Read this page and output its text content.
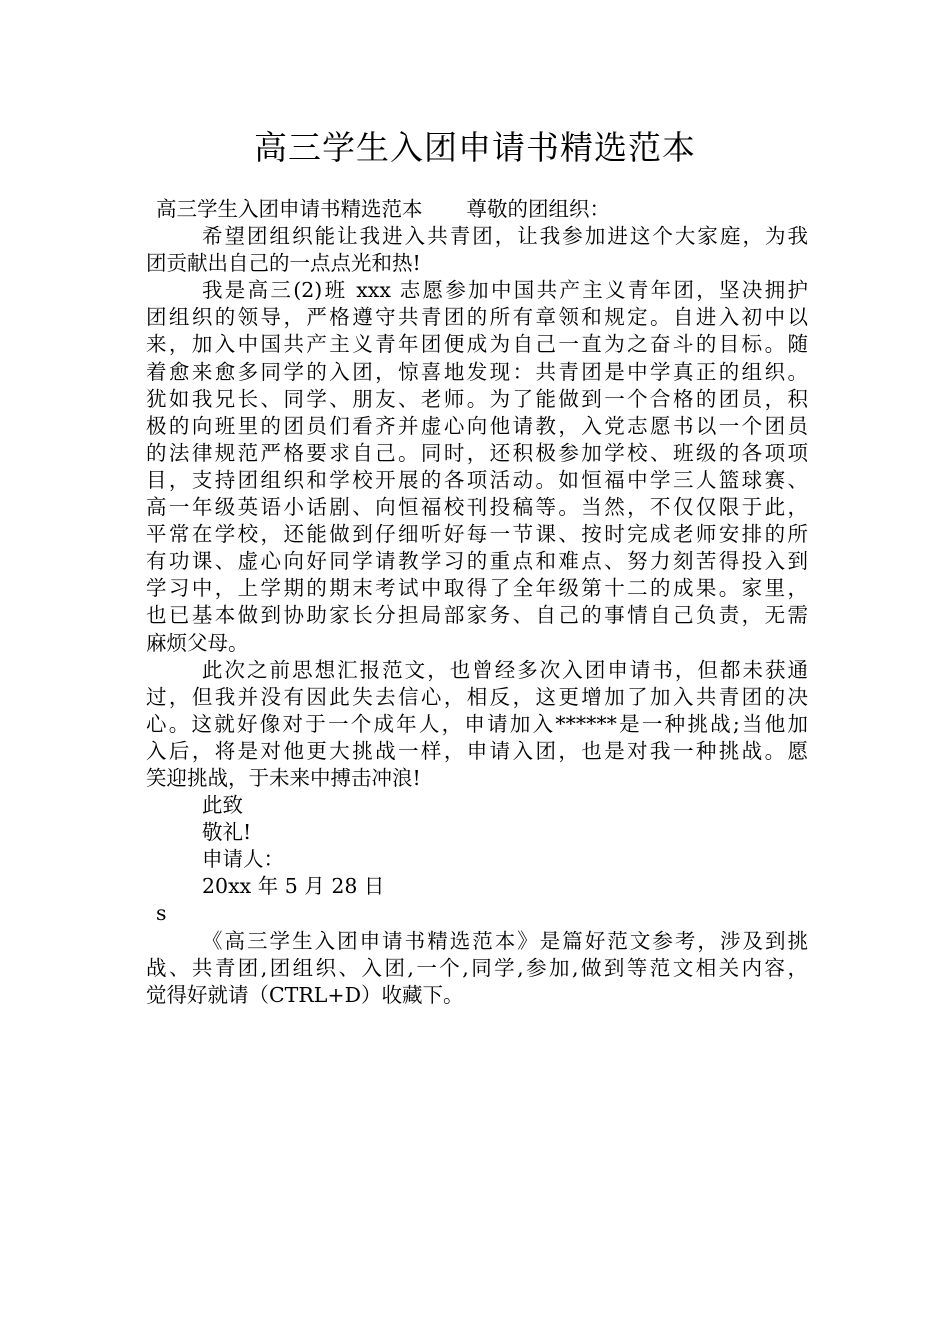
高三学生入团申请书精选范本
高三学生入团申请书精选范本 尊敬的团组织：
希望团组织能让我进入共青团，让我参加进这个大家庭，为我
团贡献出自己的一点点光和热!
我是高三(2)班 xxx 志愿参加中国共产主义青年团，坚决拥护
团组织的领导，严格遵守共青团的所有章领和规定。自进入初中以
来，加入中国共产主义青年团便成为自己一直为之奋斗的目标。随
着愈来愈多同学的入团，惊喜地发现：共青团是中学真正的组织。
犹如我兄长、同学、朋友、老师。为了能做到一个合格的团员，积
极的向班里的团员们看齐并虚心向他请教，入党志愿书以一个团员
的法律规范严格要求自己。同时，还积极参加学校、班级的各项项
目，支持团组织和学校开展的各项活动。如恒福中学三人篮球赛、
高一年级英语小话剧、向恒福校刊投稿等。当然，不仅仅限于此，
平常在学校，还能做到仔细听好每一节课、按时完成老师安排的所
有功课、虚心向好同学请教学习的重点和难点、努力刻苦得投入到
学习中，上学期的期末考试中取得了全年级第十二的成果。家里，
也已基本做到协助家长分担局部家务、自己的事情自己负责，无需
麻烦父母。
此次之前思想汇报范文，也曾经多次入团申请书，但都未获通
过，但我并没有因此失去信心，相反，这更增加了加入共青团的决
心。这就好像对于一个成年人，申请加入******是一种挑战;当他加
入后，将是对他更大挑战一样，申请入团，也是对我一种挑战。愿
笑迎挑战，于未来中搏击冲浪!
此致
敬礼!
申请人：
20xx 年 5 月 28 日
s
《高三学生入团申请书精选范本》是篇好范文参考，涉及到挑
战、共青团,团组织、入团,一个,同学,参加,做到等范文相关内容，
觉得好就请（CTRL+D）收藏下。
